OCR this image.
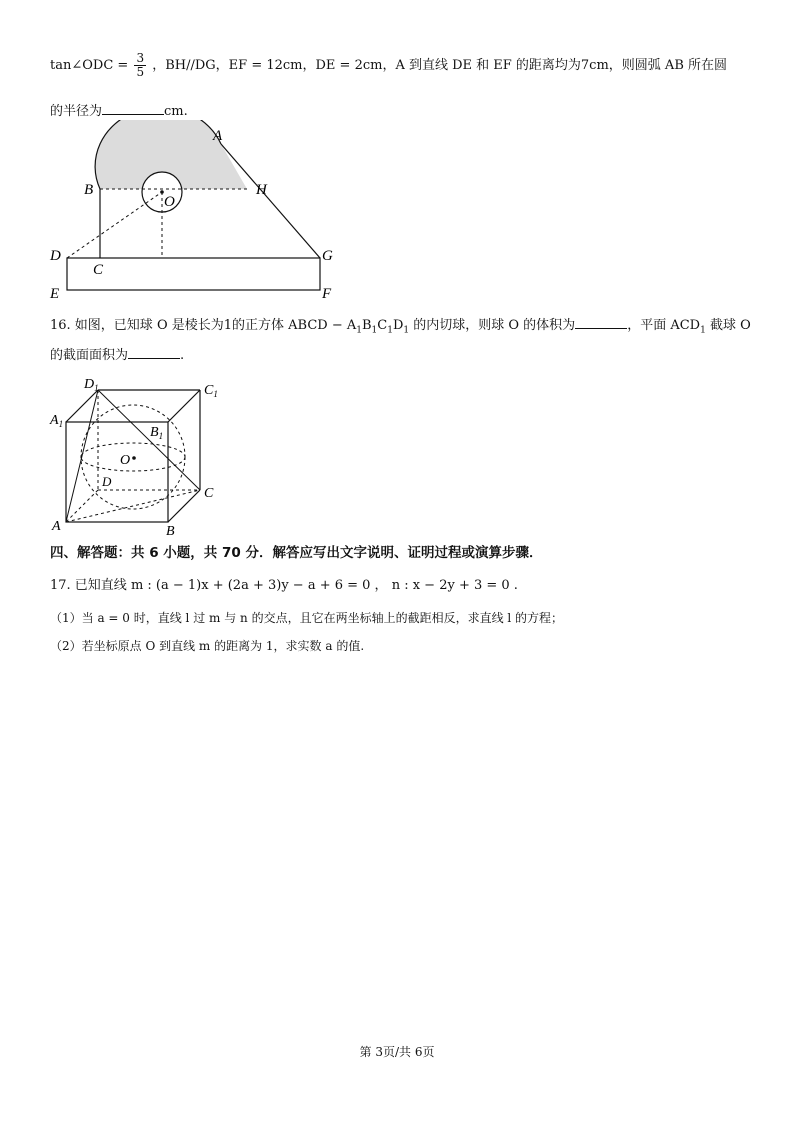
tan∠ODC = $\frac{3}{5}$ ，BH//DG，EF = 12cm，DE = 2cm，A 到直线 DE 和 EF 的距离均为7cm，则圆弧 AB 所在圆
的半径为	cm.
A
B	H
O
D
C
G
E	F
16. 如图，已知球 O 是棱长为1的正方体 ABCD − $A_1B_1C_1D_1$ 的内切球，则球 O 的体积为	，平面 $ACD_1$ 截球 O
的截面面积为	.
$D_1$	$C_1$
$A_1$
$B_1$
O
D
C
A	B
四、解答题：共 6 小题，共 70 分．解答应写出文字说明、证明过程或演算步骤．
17. 已知直线 m : (a − 1)x + (2a + 3)y − a + 6 = 0 ， n : x − 2y + 3 = 0 .
（1）当 a = 0 时，直线 l 过 m 与 n 的交点，且它在两坐标轴上的截距相反，求直线 l 的方程；
（2）若坐标原点 O 到直线 m 的距离为 1，求实数 a 的值.
第 3页/共 6页
